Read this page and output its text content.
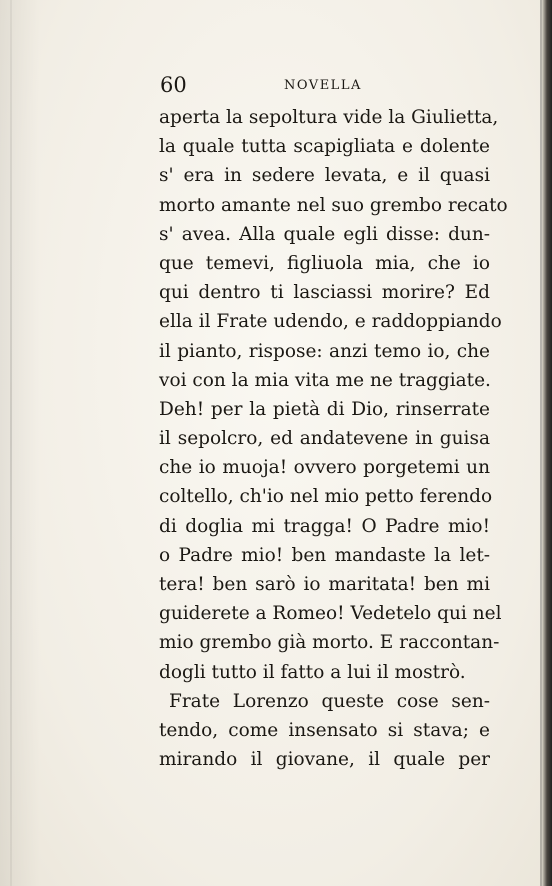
60	NOVELLA
aperta la sepoltura vide la Giulietta,
la quale tutta scapigliata e dolente
s' era in sedere levata, e il quasi
morto amante nel suo grembo recato
s' avea. Alla quale egli disse: dun-
que temevi, figliuola mia, che io
qui dentro ti lasciassi morire? Ed
ella il Frate udendo, e raddoppiando
il pianto, rispose: anzi temo io, che
voi con la mia vita me ne traggiate.
Deh! per la pietà di Dio, rinserrate
il sepolcro, ed andatevene in guisa
che io muoja! ovvero porgetemi un
coltello, ch'io nel mio petto ferendo
di doglia mi tragga! O Padre mio!
o Padre mio! ben mandaste la let-
tera! ben sarò io maritata! ben mi
guiderete a Romeo! Vedetelo qui nel
mio grembo già morto. E raccontan-
dogli tutto il fatto a lui il mostrò.
Frate Lorenzo queste cose sen-
tendo, come insensato si stava; e
mirando il giovane, il quale per
